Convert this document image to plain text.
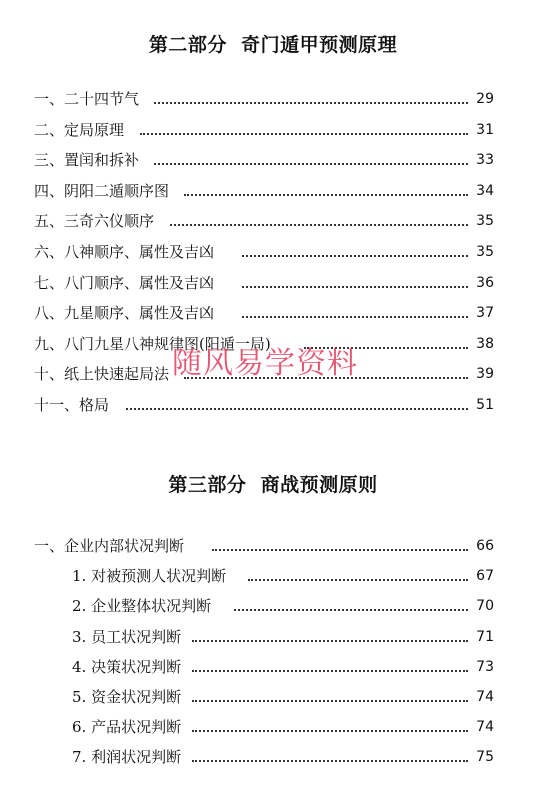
第二部分  奇门遁甲预测原理
一、二十四节气	29
二、定局原理	31
三、置闰和拆补	33
四、阴阳二遁顺序图	34
五、三奇六仪顺序	35
六、八神顺序、属性及吉凶	35
七、八门顺序、属性及吉凶	36
八、九星顺序、属性及吉凶	37
九、八门九星八神规律图(阳遁一局)	38
十、纸上快速起局法	39
十一、格局	51
第三部分  商战预测原则
一、企业内部状况判断	66
1. 对被预测人状况判断	67
2. 企业整体状况判断	70
3. 员工状况判断	71
4. 决策状况判断	73
5. 资金状况判断	74
6. 产品状况判断	74
7. 利润状况判断	75
随风易学资料
